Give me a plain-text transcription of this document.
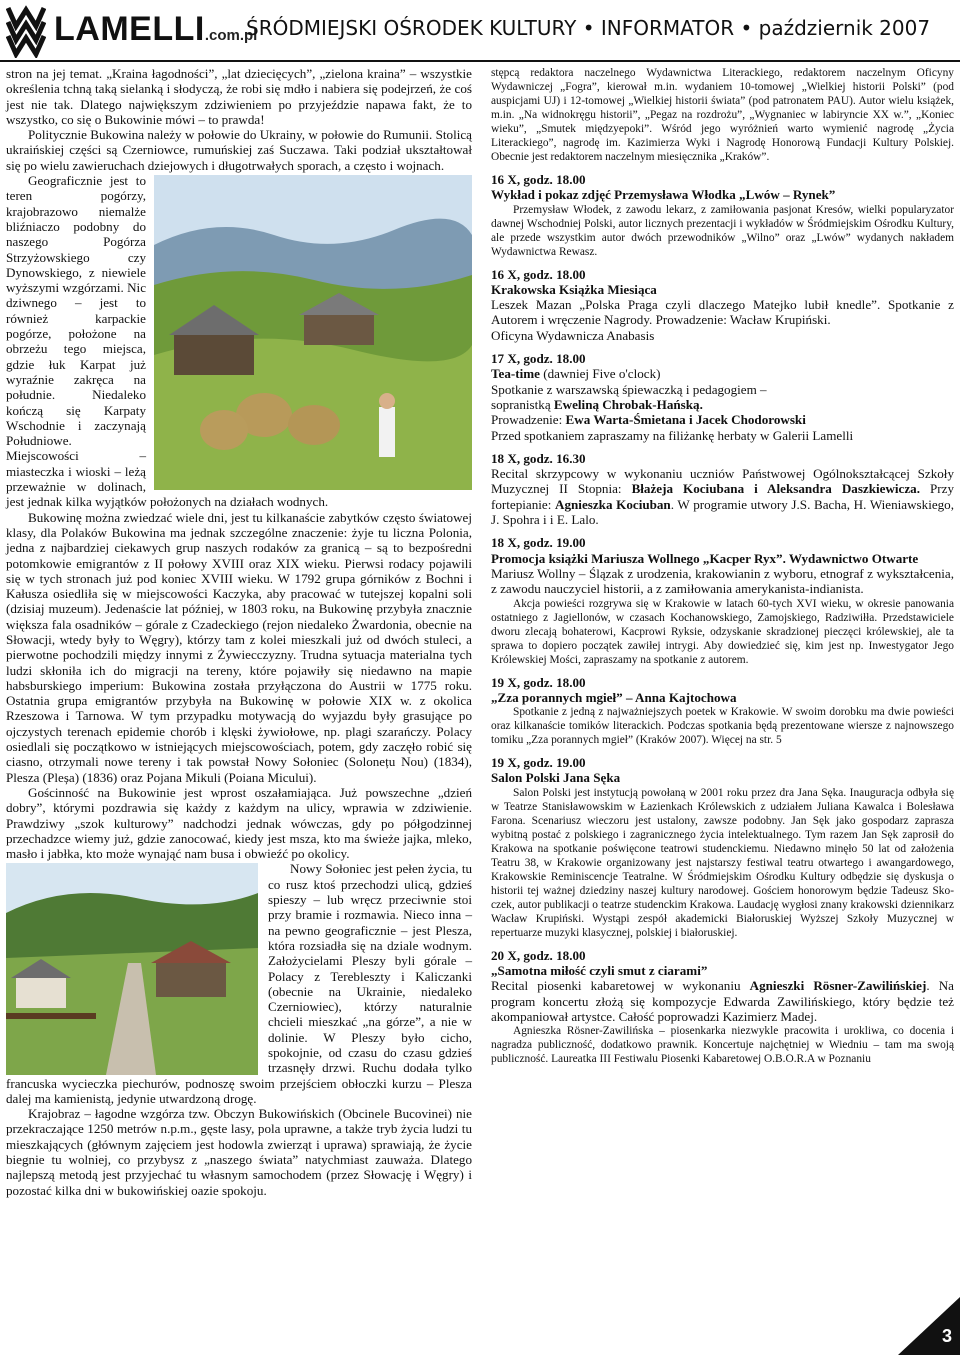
LAMELLI.com.pl
ŚRÓDMIEJSKI OŚRODEK KULTURY • INFORMATOR • październik 2007

stron na jej temat. „Kraina łagodności”, „lat dziecięcych”, „zielona kraina” – wszystkie określenia tchną taką sielanką i słodyczą, że robi się mdło i nabiera się podejrzeń, że coś jest nie tak. Dlatego największym zdziwieniem po przyjeździe napawa fakt, że to wszystko, co się o Bukowinie mówi – to prawda!

Politycznie Bukowina należy w połowie do Ukrainy, w połowie do Rumunii. Stolicą ukraińskiej części są Czerniowce, rumuńskiej zaś Suczawa. Taki podział ukształtował się po wielu zawieruchach dziejowych i długotrwałych sporach, a często i wojnach.

Geograficznie jest to teren pogórzy, krajobrazowo niemalże bliźniaczo podobny do naszego Pogórza Strzyżowskiego czy Dynowskiego, z niewiele wyższymi wzgórzami. Nic dziwnego – jest to również karpackie pogórze, położone na obrzeżu tego miejsca, gdzie łuk Karpat już wyraźnie zakręca na południe. Niedaleko kończą się Karpaty Wschodnie i zaczynają Południowe. Miejscowości – miasteczka i wioski – leżą przeważnie w dolinach, jest jednak kilka wyjątków położonych na działach wodnych.

Bukowinę można zwiedzać wiele dni, jest tu kilkanaście zabytków często światowej klasy, dla Polaków Bukowina ma jednak szczególne znaczenie: żyje tu liczna Polonia, jedna z najbardziej ciekawych grup naszych rodaków za granicą – są to bezpośredni potomkowie emigrantów z II połowy XVIII oraz XIX wieku. Pierwsi rodacy pojawili się w tych stronach już pod koniec XVIII wieku. W 1792 grupa górników z Bochni i Kałusza osiedliła się w miejscowości Kaczyka, aby pracować w tutejszej kopalni soli (dzisiaj muzeum). Jedenaście lat później, w 1803 roku, na Bukowinę przybyła znacznie większa fala osadników – górale z Czadeckiego (rejon niedaleko Żwardonia, obecnie na Słowacji, wtedy były to Węgry), którzy tam z kolei mieszkali już od dwóch stuleci, a pierwotne pochodzili między innymi z Żywiecczyzny. Trudna sytuacja materialna tych ludzi skłoniła ich do migracji na tereny, które pojawiły się niedawno na mapie habsburskiego imperium: Bukowina została przyłączona do Austrii w 1775 roku. Ostatnia grupa emigrantów przybyła na Bukowinę w połowie XIX w. z okolica Rzeszowa i Tarnowa. W tym przypadku motywacją do wyjazdu były grasujące po ojczystych terenach epidemie chorób i klęski żywiołowe, np. plagi szarańczy. Polacy osiedlali się początkowo w istniejących miejscowościach, potem, gdy zaczęło robić się ciasno, otrzymali nowe tereny i tak powstał Nowy Sołoniec (Solonețu Nou) (1834), Plesza (Pleșa) (1836) oraz Pojana Mikuli (Poiana Micului).

Gościnność na Bukowinie jest wprost oszałamiająca. Już powszechne „dzień dobry”, którymi pozdrawia się każdy z każdym na ulicy, wprawia w zdziwienie. Prawdziwy „szok kulturowy” nadchodzi jednak wówczas, gdy po półgodzinnej przechadzce wiemy już, gdzie zanocować, kiedy jest msza, kto ma świeże jajka, mleko, masło i jabłka, kto może wynająć nam busa i obwieźć po okolicy.

Nowy Sołoniec jest pełen życia, tu co rusz ktoś przechodzi ulicą, gdzieś spieszy – lub wręcz przeciwnie stoi przy bramie i rozmawia. Nieco inna – na pewno geograficznie – jest Plesza, która rozsiadła się na dziale wodnym. Założycielami Pleszy byli górale – Polacy z Terebleszty i Kaliczanki (obecnie na Ukrainie, niedaleko Czerniowiec), którzy naturalnie chcieli mieszkać „na górze”, a nie w dolinie. W Pleszy było cicho, spokojnie, od czasu do czasu gdzieś trzasnęły drzwi. Ruchu dodała tylko francuska wycieczka piechurów, podnoszę swoim przejściem obłoczki kurzu – Plesza dalej ma kamienistą, jedynie utwardzoną drogę.

Krajobraz – łagodne wzgórza tzw. Obczyn Bukowińskich (Obcinele Bucovinei) nie przekraczające 1250 metrów n.p.m., gęste lasy, pola uprawne, a także tryb życia ludzi tu mieszkających (głównym zajęciem jest hodowla zwierząt i uprawa) sprawiają, że życie biegnie tu wolniej, co przybysz z „naszego świata” natychmiast zauważa. Dlatego najlepszą metodą jest przyjechać tu własnym samochodem (przez Słowację i Węgry) i pozostać kilka dni w bukowińskiej oazie spokoju.

stępcą redaktora naczelnego Wydawnictwa Literackiego, redaktorem naczelnym Oficyny Wydawniczej „Fogra”, kierował m.in. wydaniem 10-tomowej „Wielkiej historii Polski” (pod auspicjami UJ) i 12-tomowej „Wielkiej historii świata” (pod patronatem PAU). Autor wielu książek, m.in. „Na widnokręgu historii”, „Pegaz na rozdrożu”, „Wygnaniec w labiryncie XX w.”, „Koniec wieku”, „Smutek międzyepoki”. Wśród jego wyróżnień warto wymienić nagrodę „Życia Literackiego”, nagrodę im. Kazimierza Wyki i Nagrodę Honorową Fundacji Kultury Polskiej. Obecnie jest redaktorem naczelnym miesięcznika „Kraków”.

16 X, godz. 18.00

Wykład i pokaz zdjęć Przemysława Włodka „Lwów – Rynek”

Przemysław Włodek, z zawodu lekarz, z zamiłowania pasjonat Kresów, wielki popularyzator dawnej Wschodniej Polski, autor licznych prezentacji i wykładów w Śródmiejskim Ośrodku Kultury, ale przede wszystkim autor dwóch przewodników „Wilno” oraz „Lwów” wydanych nakładem Wydawnictwa Rewasz.

16 X, godz. 18.00

Krakowska Książka Miesiąca

Leszek Mazan „Polska Praga czyli dlaczego Matejko lubił knedle”. Spotkanie z Autorem i wręczenie Nagrody. Prowadzenie: Wacław Krupiński.

Oficyna Wydawnicza Anabasis

17 X, godz. 18.00

Tea-time (dawniej Five o'clock)

Spotkanie z warszawską śpiewaczką i pedagogiem –

sopranistką Eweliną Chrobak-Hańską.

Prowadzenie: Ewa Warta-Śmietana i Jacek Chodorowski

Przed spotkaniem zapraszamy na filiżankę herbaty w Galerii Lamelli

18 X, godz. 16.30

Recital skrzypcowy w wykonaniu uczniów Państwowej Ogólnokształcącej Szkoły Muzycznej II Stopnia: Błażeja Kociubana i Aleksandra Daszkiewicza. Przy fortepianie: Agnieszka Kociuban. W programie utwory J.S. Bacha, H. Wieniawskiego, J. Spohra i i E. Lalo.

18 X, godz. 19.00

Promocja książki Mariusza Wollnego „Kacper Ryx”. Wydawnictwo Otwarte

Mariusz Wollny – Ślązak z urodzenia, krakowianin z wyboru, etnograf z wykształcenia, z zawodu nauczyciel historii, a z zamiłowania amerykanista-indianista.

Akcja powieści rozgrywa się w Krakowie w latach 60-tych XVI wieku, w okresie panowania ostatniego z Jagiellonów, w czasach Kochanowskiego, Zamojskiego, Radziwiłła. Przedstawiciele dworu zlecają bohaterowi, Kacprowi Ryksie, odzyskanie skradzionej pieczęci królewskiej, ale ta sprawa to dopiero początek zawiłej intrygi. Aby dowiedzieć się, kim jest np. Inwestygator Jego Królewskiej Mości, zapraszamy na spotkanie z autorem.

19 X, godz. 18.00

„Zza porannych mgieł” – Anna Kajtochowa

Spotkanie z jedną z najważniejszych poetek w Krakowie. W swoim dorobku ma dwie powieści oraz kilkanaście tomików literackich. Podczas spotkania będą prezentowane wiersze z najnowszego tomiku „Zza porannych mgieł” (Kraków 2007). Więcej na str. 5

19 X, godz. 19.00

Salon Polski Jana Sęka

Salon Polski jest instytucją powołaną w 2001 roku przez dra Jana Sęka. Inauguracja odbyła się w Teatrze Stanisławowskim w Łazienkach Królewskich z udziałem Juliana Kawalca i Bolesława Farona. Scenariusz wieczoru jest ustalony, zawsze podobny. Jan Sęk jako gospodarz zaprasza wybitną postać z polskiego i zagranicznego życia intelektualnego. Tym razem Jan Sęk zaprosił do Krakowa na spotkanie poświęcone teatrowi studenckiemu. Niedawno minęło 50 lat od założenia Teatru 38, w Krakowie organizowany jest najstarszy festiwal teatru otwartego i awangardowego, Krakowskie Reminiscencje Teatralne. W Śródmiejskim Ośrodku Kultury odbędzie się dyskusja o historii tej ważnej dziedziny naszej kultury narodowej. Gościem honorowym będzie Tadeusz Sko-czek, autor publikacji o teatrze studenckim Krakowa. Laudację wygłosi znany krakowski dziennikarz Wacław Krupiński. Wystąpi zespół akademicki Białoruskiej Wyższej Szkoły Muzycznej w repertuarze muzyki klasycznej, polskiej i białoruskiej.

20 X, godz. 18.00

„Samotna miłość czyli smut z ciarami”

Recital piosenki kabaretowej w wykonaniu Agnieszki Rösner-Zawilińskiej. Na program koncertu złożą się kompozycje Edwarda Zawilińskiego, który będzie też akompaniował artystce. Całość poprowadzi Kazimierz Madej.

Agnieszka Rösner-Zawilińska – piosenkarka niezwykle pracowita i urokliwa, co docenia i nagradza publiczność, dodatkowo prawnik. Koncertuje najchętniej w Wiedniu – tam ma swoją publiczność. Laureatka III Festiwalu Piosenki Kabaretowej O.B.O.R.A w Poznaniu

3
